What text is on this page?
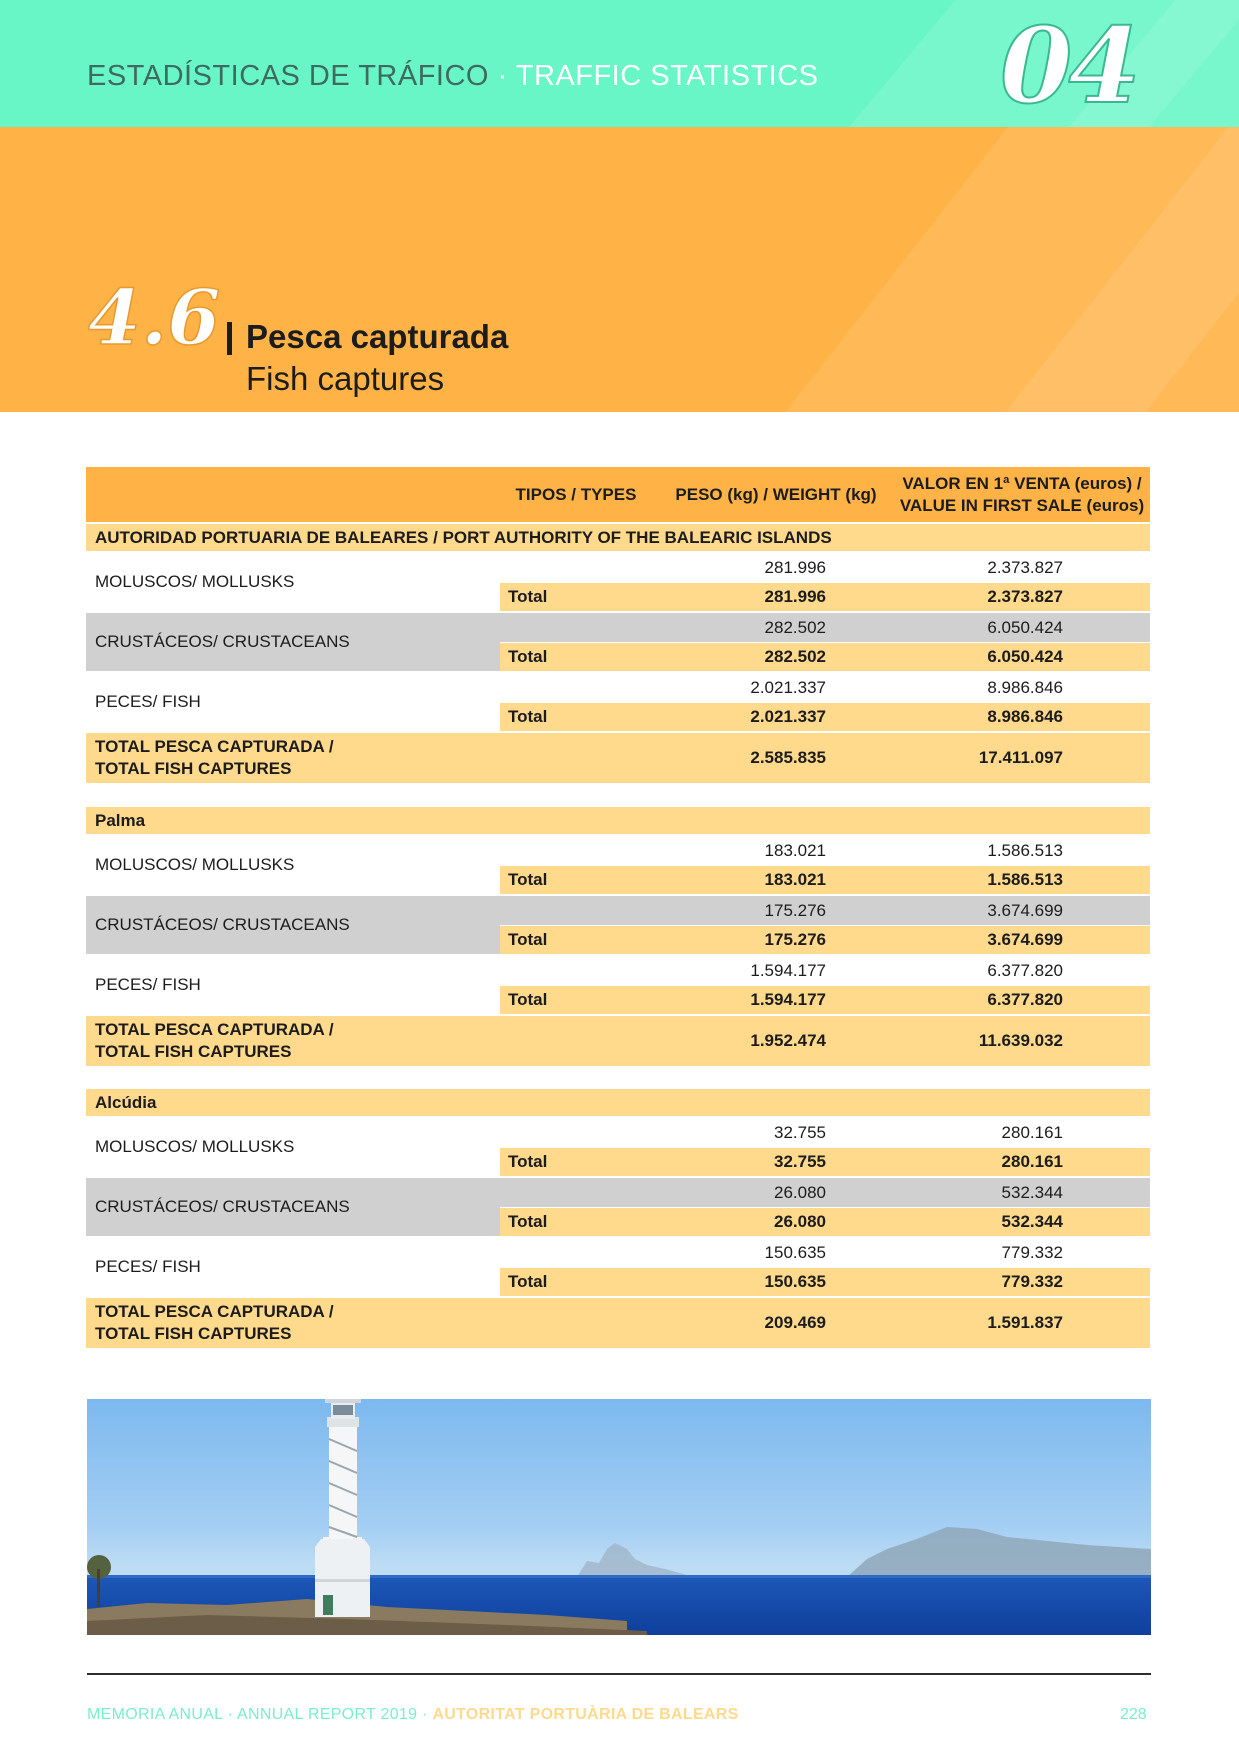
ESTADÍSTICAS DE TRÁFICO · TRAFFIC STATISTICS 04
4.6 Pesca capturada
Fish captures
TIPOS / TYPES	PESO (kg) / WEIGHT (kg)
VALOR EN 1ª VENTA (euros) /
VALUE IN FIRST SALE (euros)
AUTORIDAD PORTUARIA DE BALEARES / PORT AUTHORITY OF THE BALEARIC ISLANDS
MOLUSCOS / MOLLUSKS
281.996	2.373.827
Total	281.996	2.373.827
CRUSTÁCEOS / CRUSTACEANS
282.502	6.050.424
Total	282.502	6.050.424
PECES / FISH
2.021.337	8.986.846
Total	2.021.337	8.986.846
TOTAL PESCA CAPTURADA /
TOTAL FISH CAPTURES
2.585.835	17.411.097
Palma
MOLUSCOS / MOLLUSKS
183.021	1.586.513
Total	183.021	1.586.513
CRUSTÁCEOS / CRUSTACEANS
175.276	3.674.699
Total	175.276	3.674.699
PECES / FISH
1.594.177	6.377.820
Total	1.594.177	6.377.820
TOTAL PESCA CAPTURADA /
TOTAL FISH CAPTURES
1.952.474	11.639.032
Alcúdia
MOLUSCOS / MOLLUSKS
32.755	280.161
Total	32.755	280.161
CRUSTÁCEOS / CRUSTACEANS
26.080	532.344
Total	26.080	532.344
PECES / FISH
150.635	779.332
Total	150.635	779.332
TOTAL PESCA CAPTURADA /
TOTAL FISH CAPTURES
209.469	1.591.837
MEMORIA ANUAL · ANNUAL REPORT 2019 · AUTORITAT PORTUÀRIA DE BALEARS	228
